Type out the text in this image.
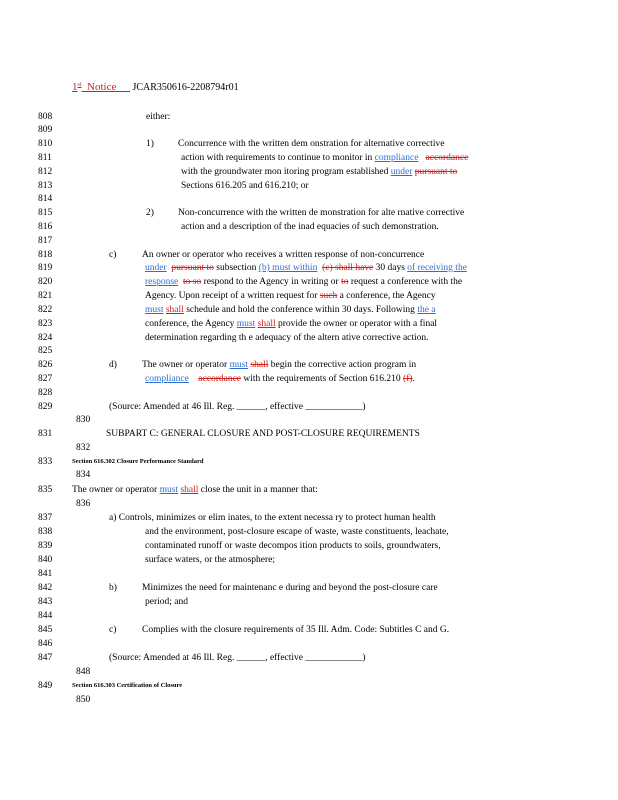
1st Notice JCAR350616-2208794r01
808
809
810
811
812
813
814
815
816
817
818
819
820
821
822
823
824
825
826
827
828
829
830
831
832
833
834
835
836
837
838
839
840
841
842
843
844
845
846
847
848
849
850
either:
1)	Concurrence with the written dem onstration for alternative corrective
action with requirements to continue to monitor in compliance accordance
with the groundwater mon itoring program established under pursuant to
Sections 616.205 and 616.210; or
2)	Non-concurrence with the written de monstration for alte rnative corrective
action and a description of the inad equacies of such demonstration.
c)	An owner or operator who receives a written response of non-concurrence
under pursuant to subsection (b) must within (c) shall have 30 days of receiving the
response to so respond to the Agency in writing or to request a conference with the
Agency. Upon receipt of a written request for such a conference, the Agency
must shall schedule and hold the conference within 30 days. Following the a
conference, the Agency must shall provide the owner or operator with a final
determination regarding th e adequacy of the altern ative corrective action.
d)	The owner or operator must shall begin the corrective action program in
compliance accordance with the requirements of Section 616.210 (f).
(Source: Amended at 46 Ill. Reg. ______, effective ____________)
SUBPART C: GENERAL CLOSURE AND POST-CLOSURE REQUIREMENTS
Section 616.302 Closure Performance Standard
The owner or operator must shall close the unit in a manner that:
a) Controls, minimizes or elim inates, to the extent necessa ry to protect human health
and the environment, post-closure escape of waste, waste constituents, leachate,
contaminated runoff or waste decompos ition products to soils, groundwaters,
surface waters, or the atmosphere;
b)	Minimizes the need for maintenanc e during and beyond the post-closure care
period; and
c)	Complies with the closure requirements of 35 Ill. Adm. Code: Subtitles C and G.
(Source: Amended at 46 Ill. Reg. ______, effective ____________)
Section 616.303 Certification of Closure
